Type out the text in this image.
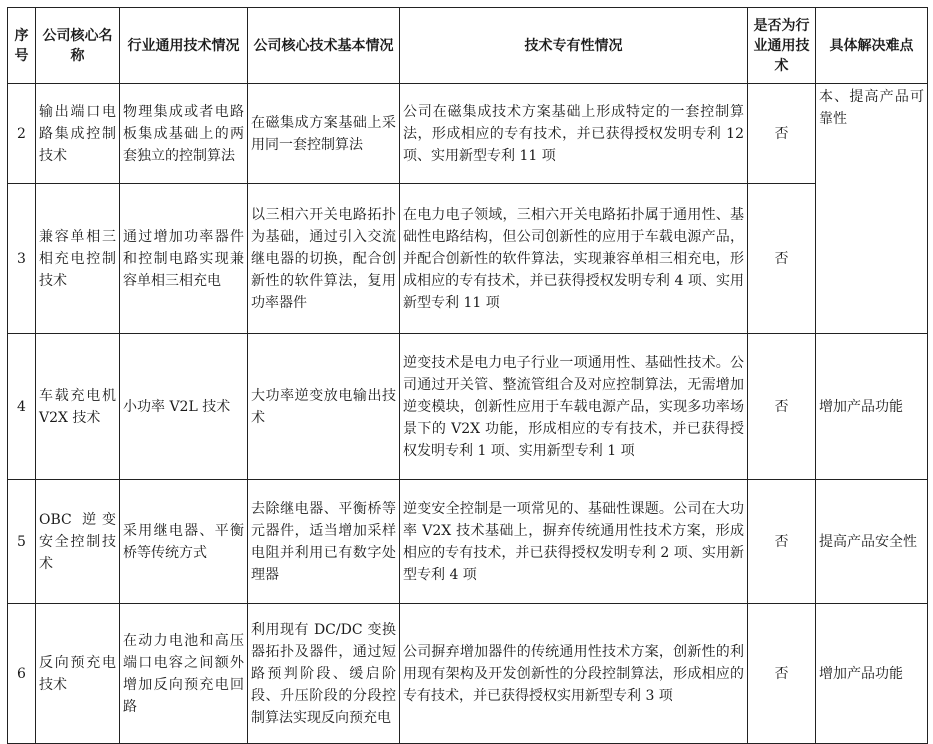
序号	公司核心名称	行业通用技术情况	公司核心技术基本情况	技术专有性情况	是否为行业通用技术	具体解决难点
2	输出端口电路集成控制技术	物理集成或者电路板集成基础上的两套独立的控制算法	在磁集成方案基础上采用同一套控制算法	公司在磁集成技术方案基础上形成特定的一套控制算法，形成相应的专有技术，并已获得授权发明专利 12 项、实用新型专利 11 项	否	本、提高产品可靠性
3	兼容单相三相充电控制技术	通过增加功率器件和控制电路实现兼容单相三相充电	以三相六开关电路拓扑为基础，通过引入交流继电器的切换，配合创新性的软件算法，复用功率器件	在电力电子领域，三相六开关电路拓扑属于通用性、基础性电路结构，但公司创新性的应用于车载电源产品，并配合创新性的软件算法，实现兼容单相三相充电，形成相应的专有技术，并已获得授权发明专利 4 项、实用新型专利 11 项	否	
4	车载充电机 V2X 技术	小功率 V2L 技术	大功率逆变放电输出技术	逆变技术是电力电子行业一项通用性、基础性技术。公司通过开关管、整流管组合及对应控制算法，无需增加逆变模块，创新性应用于车载电源产品，实现多功率场景下的 V2X 功能，形成相应的专有技术，并已获得授权发明专利 1 项、实用新型专利 1 项	否	增加产品功能
5	OBC 逆变安全控制技术	采用继电器、平衡桥等传统方式	去除继电器、平衡桥等元器件，适当增加采样电阻并利用已有数字处理器	逆变安全控制是一项常见的、基础性课题。公司在大功率 V2X 技术基础上，摒弃传统通用性技术方案，形成相应的专有技术，并已获得授权发明专利 2 项、实用新型专利 4 项	否	提高产品安全性
6	反向预充电技术	在动力电池和高压端口电容之间额外增加反向预充电回路	利用现有 DC/DC 变换器拓扑及器件，通过短路预判阶段、缓启阶段、升压阶段的分段控制算法实现反向预充电	公司摒弃增加器件的传统通用性技术方案，创新性的利用现有架构及开发创新性的分段控制算法，形成相应的专有技术，并已获得授权实用新型专利 3 项	否	增加产品功能
